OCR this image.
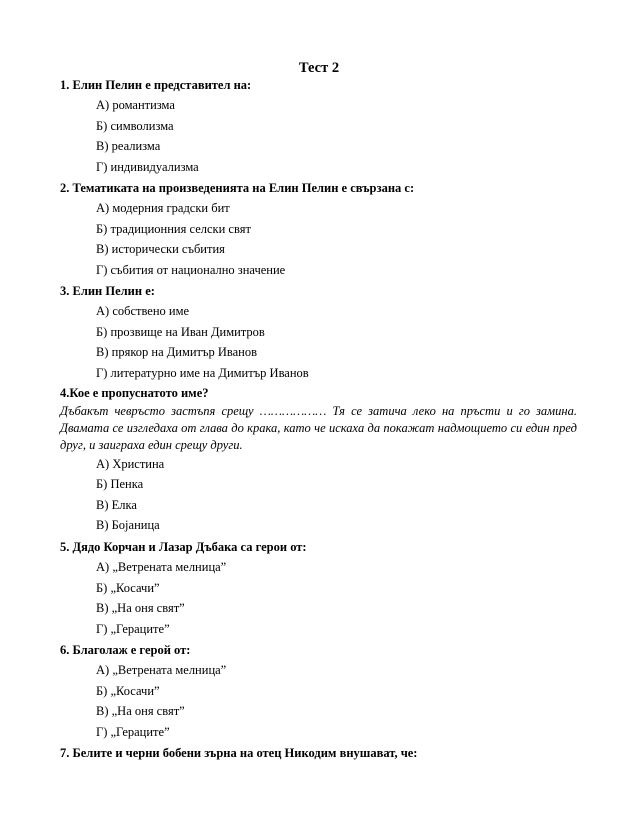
Тест 2
1. Елин Пелин е представител на:
А) романтизма
Б) символизма
В) реализма
Г) индивидуализма
2. Тематиката на произведенията на Елин Пелин е свързана с:
А) модерния градски бит
Б) традиционния селски свят
В) исторически събития
Г) събития от национално значение
3. Елин Пелин е:
А) собствено име
Б) прозвище на Иван Димитров
В) прякор на Димитър Иванов
Г) литературно име на Димитър Иванов
4.Кое е пропуснатото име?
Дъбакът чевръсто застъпя срещу ……………… Тя се затича леко на пръсти и го замина. Двамата се изгледаха от глава до крака, като че искаха да покажат надмощието си един пред друг, и заиграха един срещу други.
А) Христина
Б) Пенка
В) Елка
В) Боjаница
5. Дядо Корчан и Лазар Дъбака са герои от:
А) „Ветрената мелница”
Б) „Косачи”
В) „На оня свят”
Г) „Гераците”
6. Благолаж е герой от:
А) „Ветрената мелница”
Б) „Косачи”
В) „На оня свят”
Г) „Гераците”
7. Белите и черни бобени зърна на отец Никодим внушават, че:
